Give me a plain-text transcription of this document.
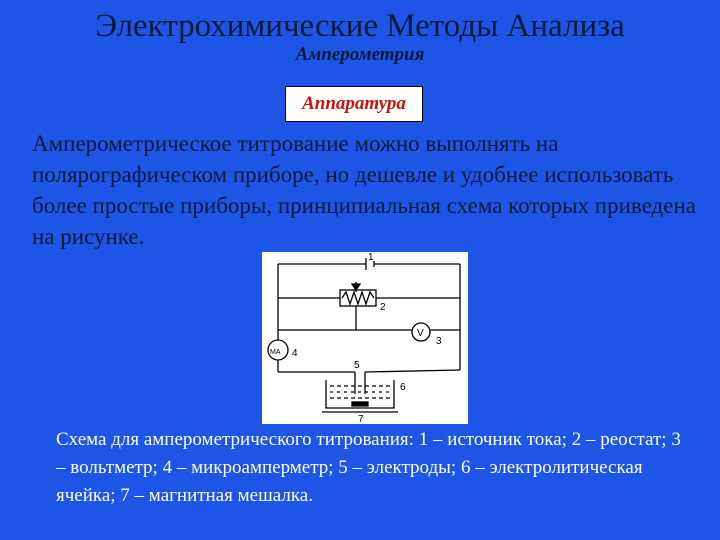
Электрохимические Методы Анализа
Амперометрия
Аппаратура
Амперометрическое титрование можно выполнять на полярографическом приборе, но дешевле и удобнее использовать более простые приборы, принципиальная схема которых приведена на рисунке.
1
2
V
3
MA 4
5
6
7
Схема для амперометрического титрования: 1 – источник тока; 2 – реостат; 3 – вольтметр; 4 – микроамперметр; 5 – электроды; 6 – электролитическая ячейка; 7 – магнитная мешалка.
